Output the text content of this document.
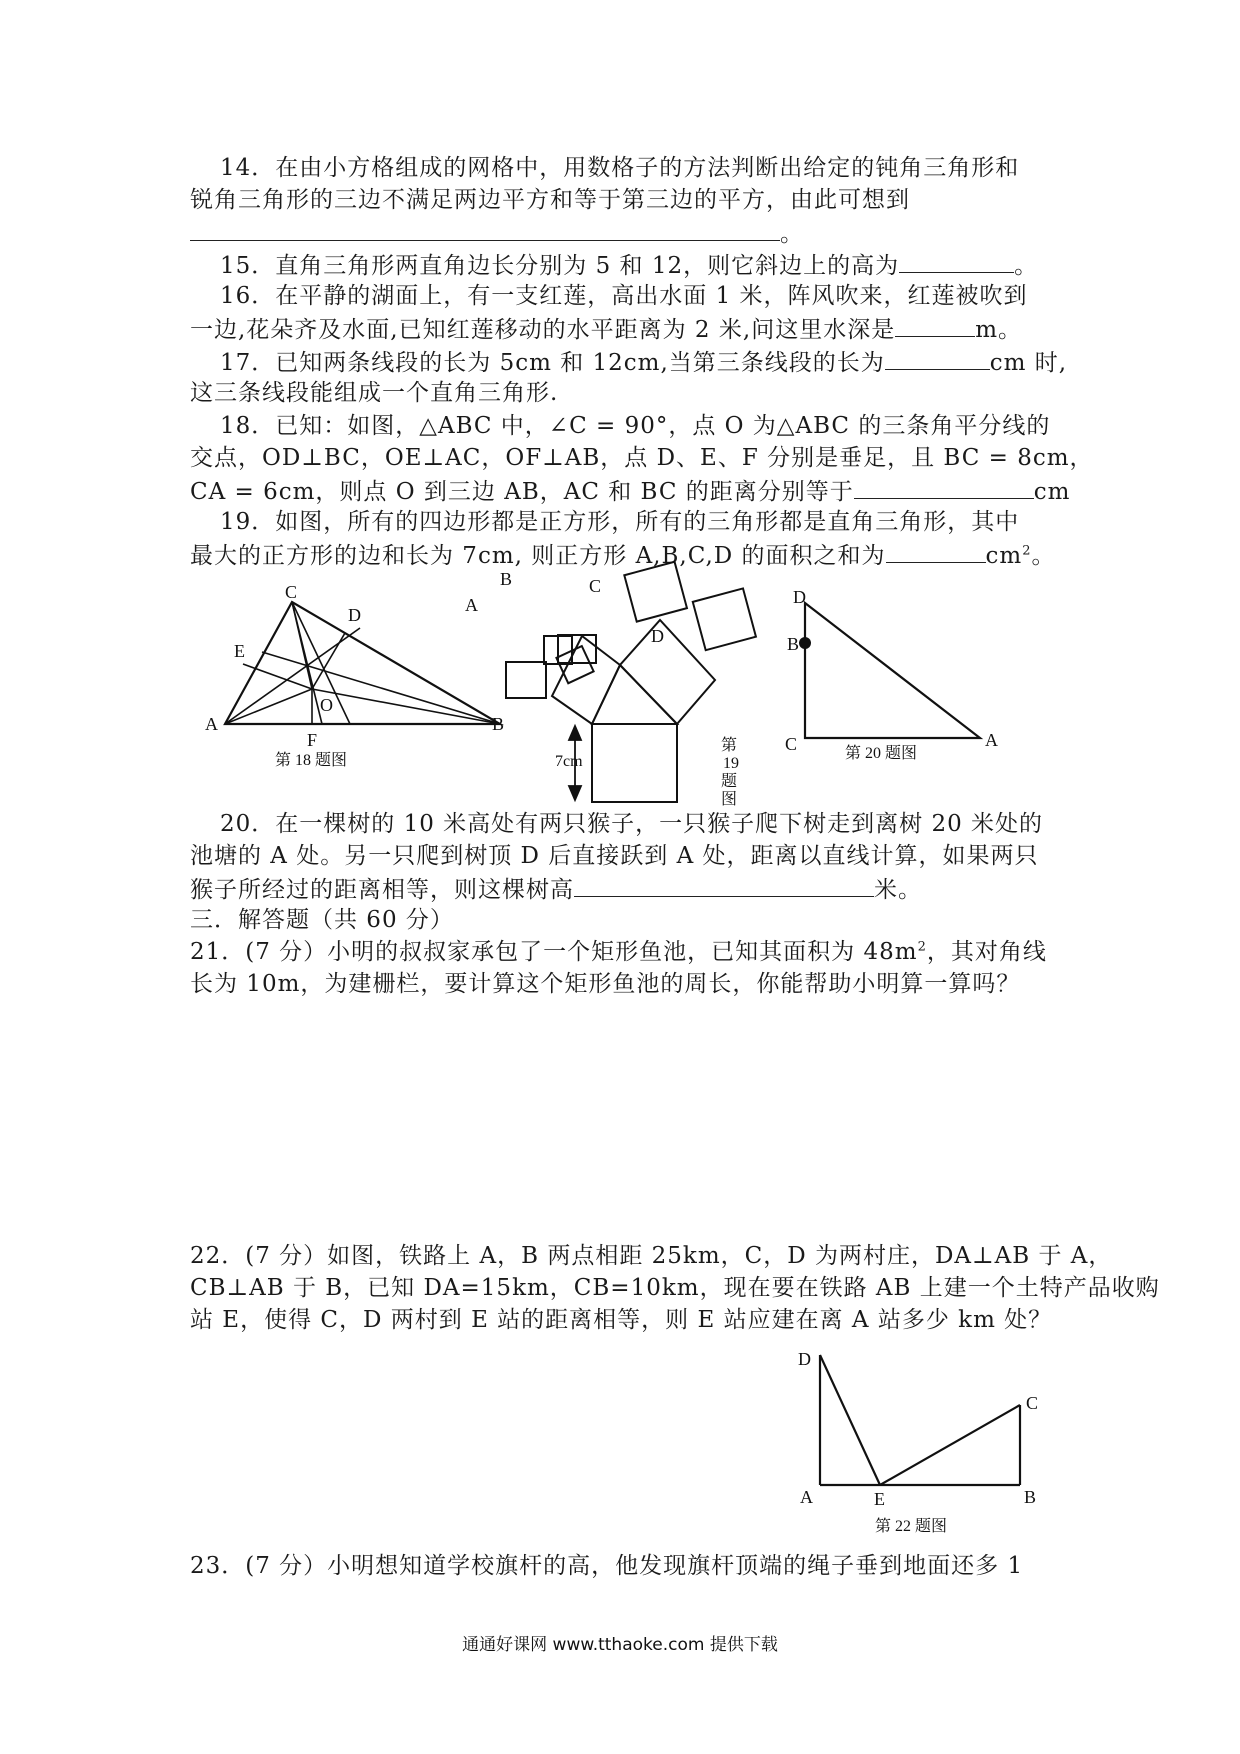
14．在由小方格组成的网格中，用数格子的方法判断出给定的钝角三角形和
锐角三角形的三边不满足两边平方和等于第三边的平方，由此可想到
。
15．直角三角形两直角边长分别为 5 和 12，则它斜边上的高为	。
16．在平静的湖面上，有一支红莲，高出水面 1 米，阵风吹来，红莲被吹到
一边,花朵齐及水面,已知红莲移动的水平距离为 2 米,问这里水深是	m。
17．已知两条线段的长为 5cm 和 12cm,当第三条线段的长为	cm 时,
这三条线段能组成一个直角三角形.
18．已知：如图，△ABC 中，∠C = 90°，点 O 为△ABC 的三条角平分线的
交点，OD⊥BC，OE⊥AC，OF⊥AB，点 D、E、F 分别是垂足，且 BC = 8cm，
CA = 6cm，则点 O 到三边 AB，AC 和 BC 的距离分别等于	cm
19．如图，所有的四边形都是正方形，所有的三角形都是直角三角形，其中
最大的正方形的边和长为 7cm, 则正方形 A,B,C,D 的面积之和为	$cm^2$。
C
D
E
O
A
F
B
第 18 题图
C
D
B
A
7cm
第
19
题
图
D
B
C	A
第 20 题图
20．在一棵树的 10 米高处有两只猴子，一只猴子爬下树走到离树 20 米处的
池塘的 A 处。另一只爬到树顶 D 后直接跃到 A 处，距离以直线计算，如果两只
猴子所经过的距离相等，则这棵树高	米。
三．解答题（共 60 分）
21．(7 分）小明的叔叔家承包了一个矩形鱼池，已知其面积为 $48m^2$，其对角线
长为 10m，为建栅栏，要计算这个矩形鱼池的周长，你能帮助小明算一算吗？
22．(7 分）如图，铁路上 A，B 两点相距 25km，C，D 为两村庄，DA⊥AB 于 A，
CB⊥AB 于 B，已知 DA=15km，CB=10km，现在要在铁路 AB 上建一个土特产品收购
站 E，使得 C，D 两村到 E 站的距离相等，则 E 站应建在离 A 站多少 km 处？
D
C
A	E	B
第 22 题图
23．(7 分）小明想知道学校旗杆的高，他发现旗杆顶端的绳子垂到地面还多 1
通通好课网 www.tthaoke.com 提供下载
